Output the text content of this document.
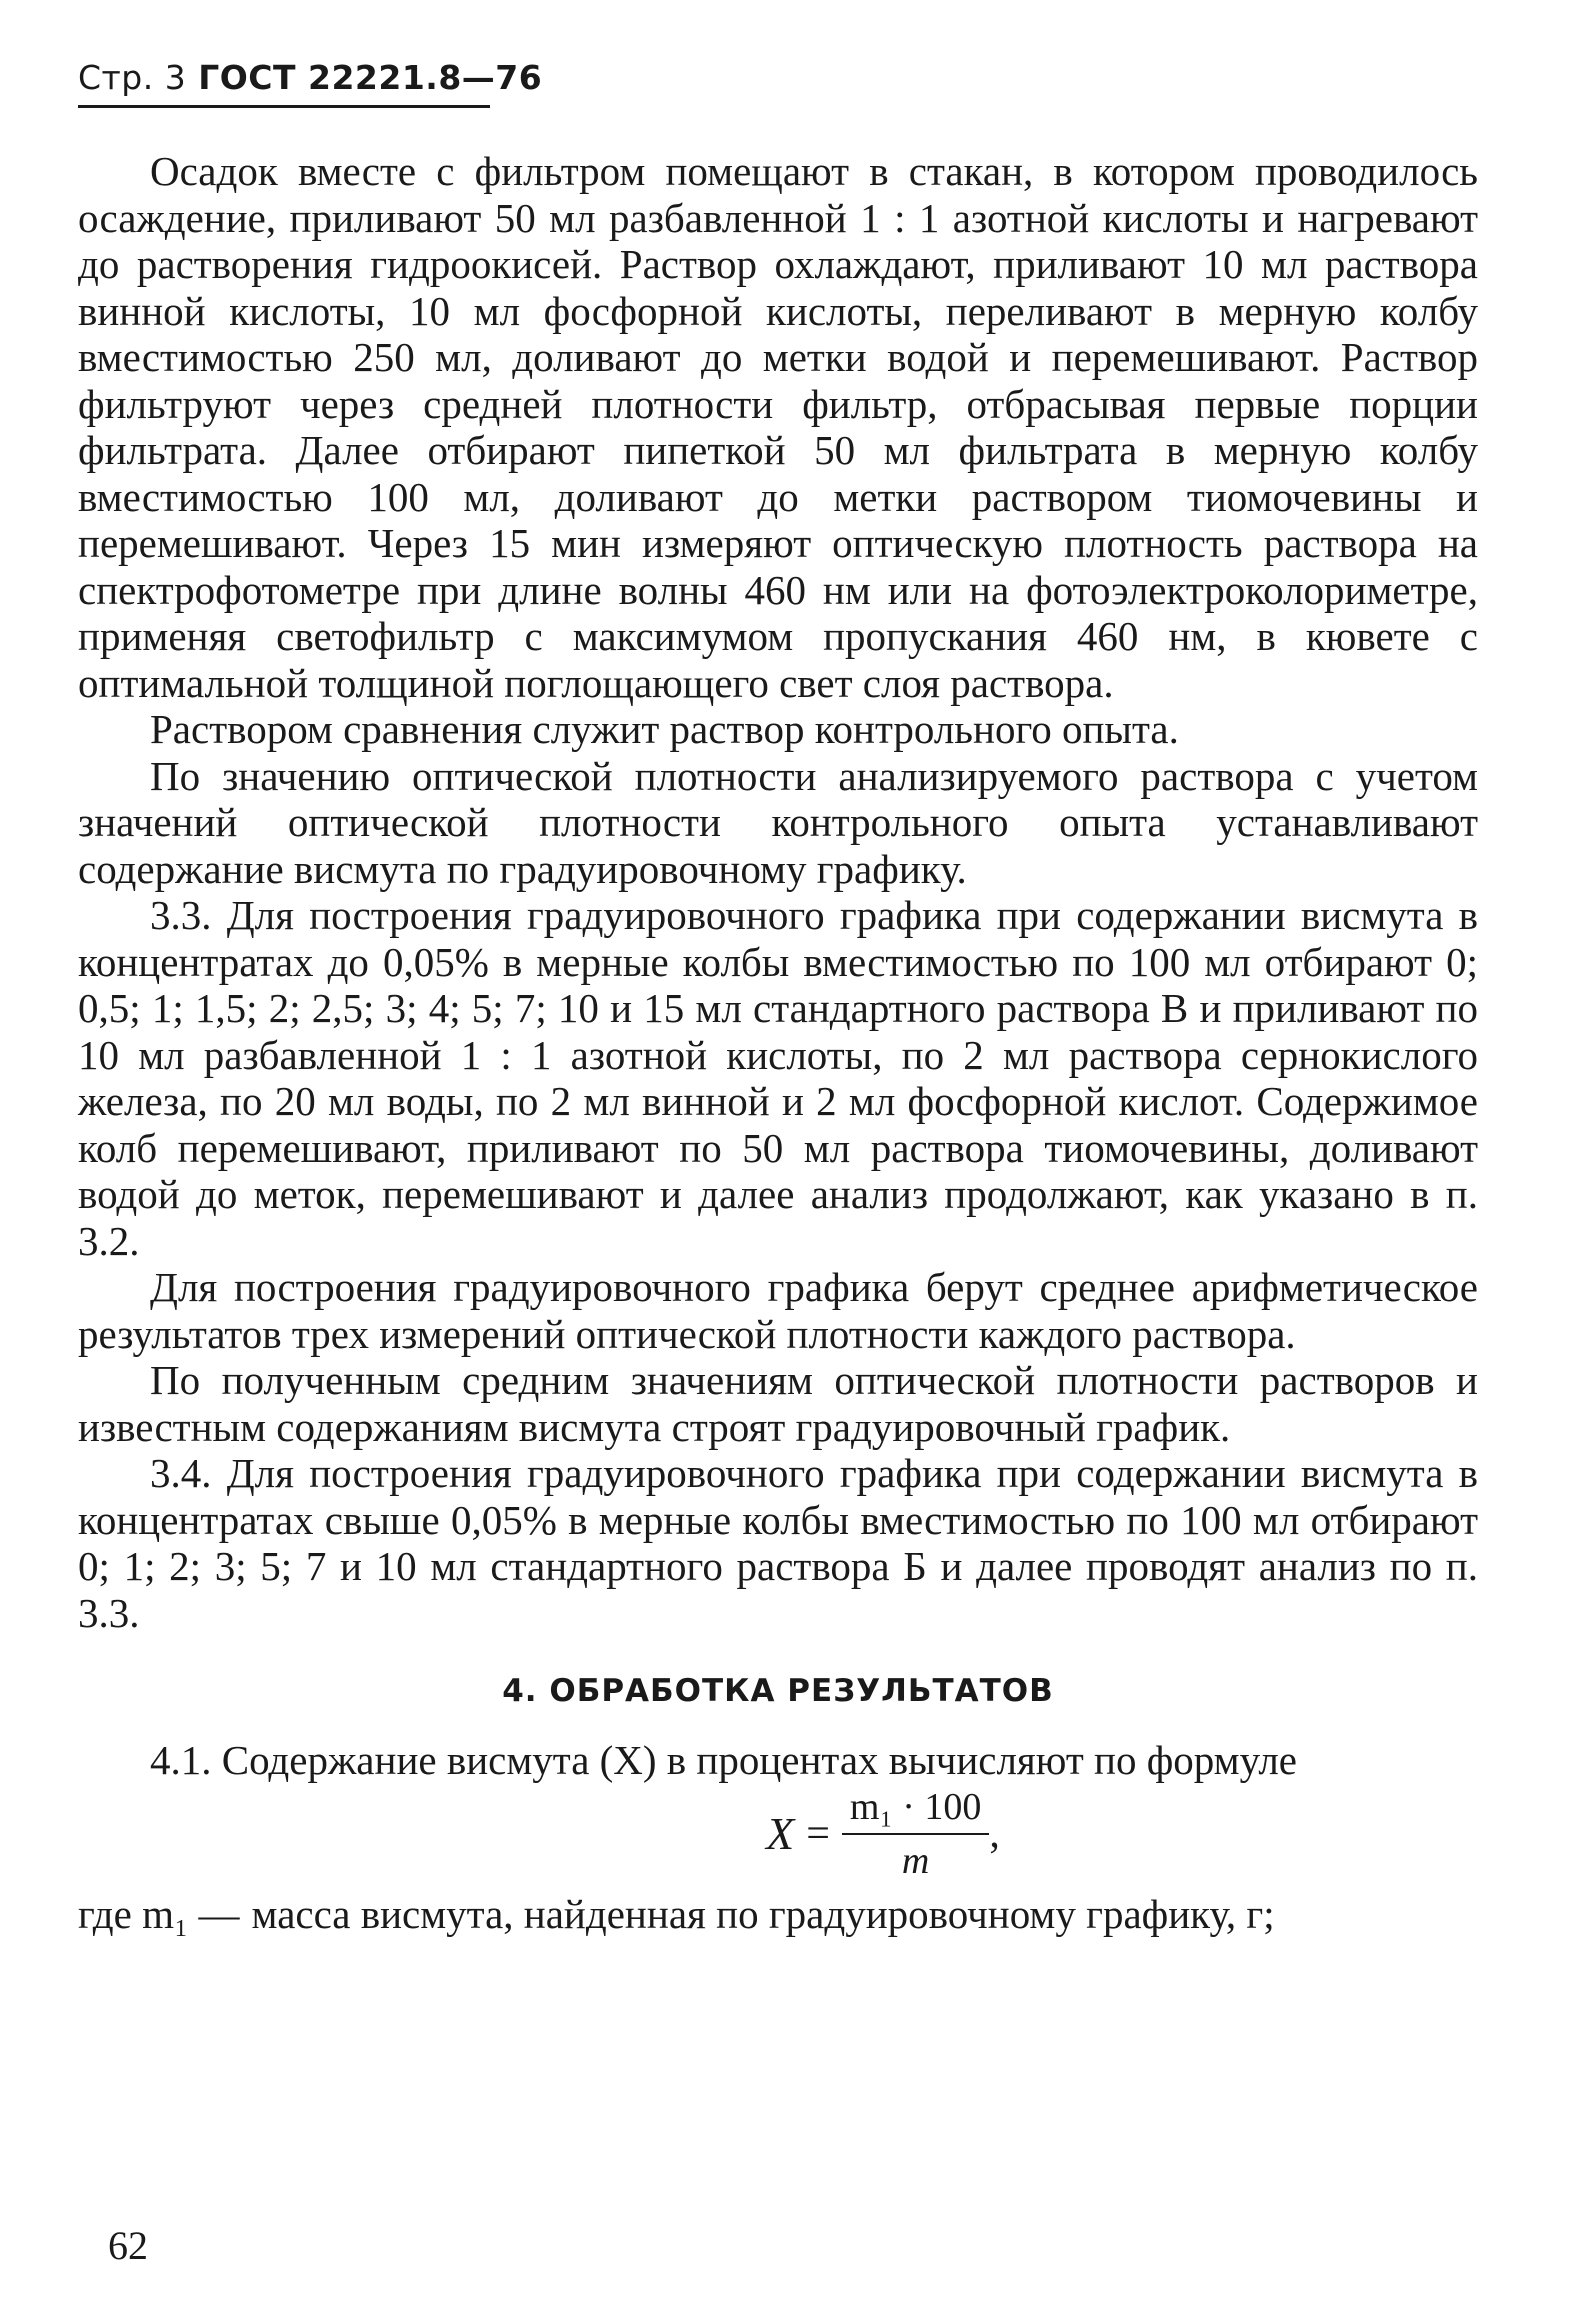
Стр. 3 ГОСТ 22221.8—76

Осадок вместе с фильтром помещают в стакан, в котором проводилось осаждение, приливают 50 мл разбавленной 1 : 1 азотной кислоты и нагревают до растворения гидроокисей. Раствор охлаждают, приливают 10 мл раствора винной кислоты, 10 мл фосфорной кислоты, переливают в мерную колбу вместимостью 250 мл, доливают до метки водой и перемешивают. Раствор фильтруют через средней плотности фильтр, отбрасывая первые порции фильтрата. Далее отбирают пипеткой 50 мл фильтрата в мерную колбу вместимостью 100 мл, доливают до метки раствором тиомочевины и перемешивают. Через 15 мин измеряют оптическую плотность раствора на спектрофотометре при длине волны 460 нм или на фотоэлектроколориметре, применяя светофильтр с максимумом пропускания 460 нм, в кювете с оптимальной толщиной поглощающего свет слоя раствора.

Раствором сравнения служит раствор контрольного опыта.

По значению оптической плотности анализируемого раствора с учетом значений оптической плотности контрольного опыта устанавливают содержание висмута по градуировочному графику.

3.3. Для построения градуировочного графика при содержании висмута в концентратах до 0,05% в мерные колбы вместимостью по 100 мл отбирают 0; 0,5; 1; 1,5; 2; 2,5; 3; 4; 5; 7; 10 и 15 мл стандартного раствора В и приливают по 10 мл разбавленной 1 : 1 азотной кислоты, по 2 мл раствора сернокислого железа, по 20 мл воды, по 2 мл винной и 2 мл фосфорной кислот. Содержимое колб перемешивают, приливают по 50 мл раствора тиомочевины, доливают водой до меток, перемешивают и далее анализ продолжают, как указано в п. 3.2.

Для построения градуировочного графика берут среднее арифметическое результатов трех измерений оптической плотности каждого раствора.

По полученным средним значениям оптической плотности растворов и известным содержаниям висмута строят градуировочный график.

3.4. Для построения градуировочного графика при содержании висмута в концентратах свыше 0,05% в мерные колбы вместимостью по 100 мл отбирают 0; 1; 2; 3; 5; 7 и 10 мл стандартного раствора Б и далее проводят анализ по п. 3.3.

4. ОБРАБОТКА РЕЗУЛЬТАТОВ

4.1. Содержание висмута (X) в процентах вычисляют по формуле

$X = \frac{\text{m₁ · 100}}{m}$ ,
где m₁ — масса висмута, найденная по градуировочному графику, г;
62
